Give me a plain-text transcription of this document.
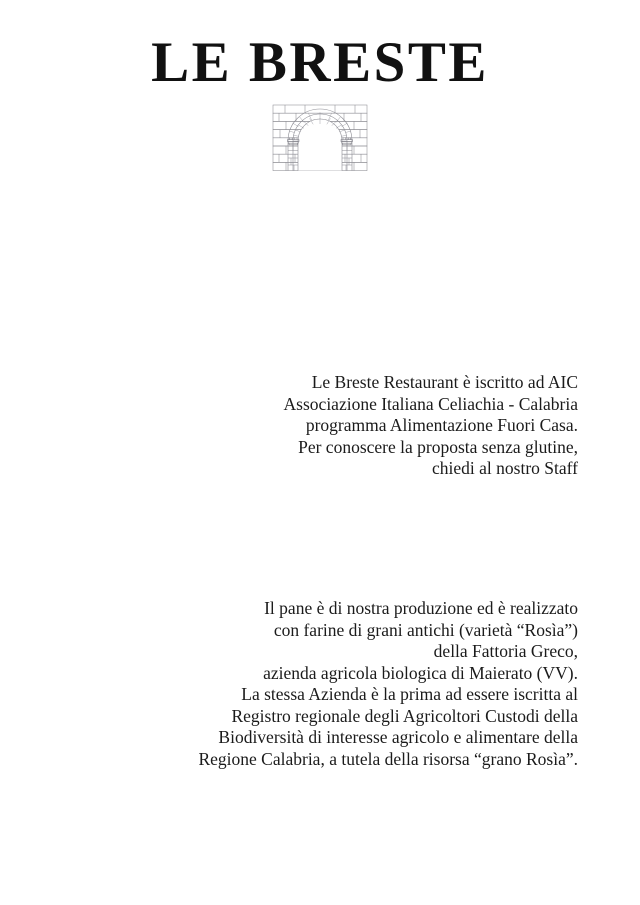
LE BRESTE
Le Breste Restaurant è iscritto ad AIC
Associazione Italiana Celiachia - Calabria
programma Alimentazione Fuori Casa.
Per conoscere la proposta senza glutine,
chiedi al nostro Staff
Il pane è di nostra produzione ed è realizzato
con farine di grani antichi (varietà “Rosìa”)
della Fattoria Greco,
azienda agricola biologica di Maierato (VV).
La stessa Azienda è la prima ad essere iscritta al
Registro regionale degli Agricoltori Custodi della
Biodiversità di interesse agricolo e alimentare della
Regione Calabria, a tutela della risorsa “grano Rosìa”.
